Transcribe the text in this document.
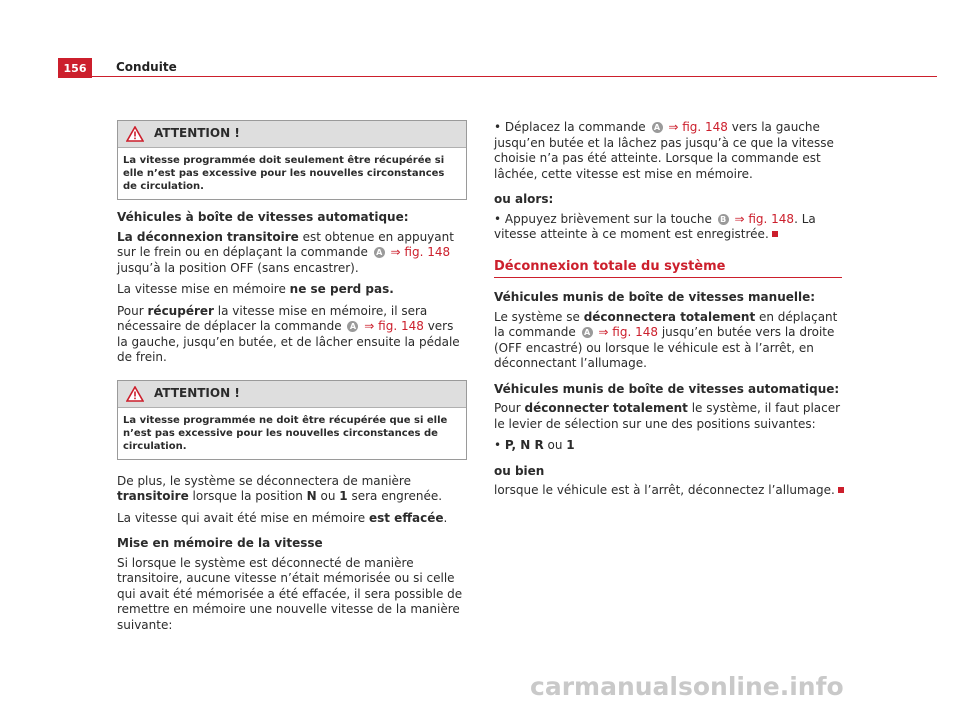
156	Conduite
ATTENTION !
La vitesse programmée doit seulement être récupérée si elle n’est pas excessive pour les nouvelles circonstances de circulation.

Véhicules à boîte de vitesses automatique:

La déconnexion transitoire est obtenue en appuyant sur le frein ou en déplaçant la commande A ⇒ fig. 148 jusqu’à la position OFF (sans encastrer).

La vitesse mise en mémoire ne se perd pas.

Pour récupérer la vitesse mise en mémoire, il sera nécessaire de déplacer la commande A ⇒ fig. 148 vers la gauche, jusqu’en butée, et de lâcher ensuite la pédale de frein.

ATTENTION !
La vitesse programmée ne doit être récupérée que si elle n’est pas excessive pour les nouvelles circonstances de circulation.

De plus, le système se déconnectera de manière transitoire lorsque la position N ou 1 sera engrenée.

La vitesse qui avait été mise en mémoire est effacée.

Mise en mémoire de la vitesse

Si lorsque le système est déconnecté de manière transitoire, aucune vitesse n’était mémorisée ou si celle qui avait été mémorisée a été effacée, il sera possible de remettre en mémoire une nouvelle vitesse de la manière suivante:

• Déplacez la commande A ⇒ fig. 148 vers la gauche jusqu’en butée et la lâchez pas jusqu’à ce que la vitesse choisie n’a pas été atteinte. Lorsque la commande est lâchée, cette vitesse est mise en mémoire.

ou alors:

• Appuyez brièvement sur la touche B ⇒ fig. 148. La vitesse atteinte à ce moment est enregistrée.

Déconnexion totale du système

Véhicules munis de boîte de vitesses manuelle:

Le système se déconnectera totalement en déplaçant la commande A ⇒ fig. 148 jusqu’en butée vers la droite (OFF encastré) ou lorsque le véhicule est à l’arrêt, en déconnectant l’allumage.

Véhicules munis de boîte de vitesses automatique:

Pour déconnecter totalement le système, il faut placer le levier de sélection sur une des positions suivantes:

• P, N R ou 1

ou bien

lorsque le véhicule est à l’arrêt, déconnectez l’allumage.

carmanualsonline.info
